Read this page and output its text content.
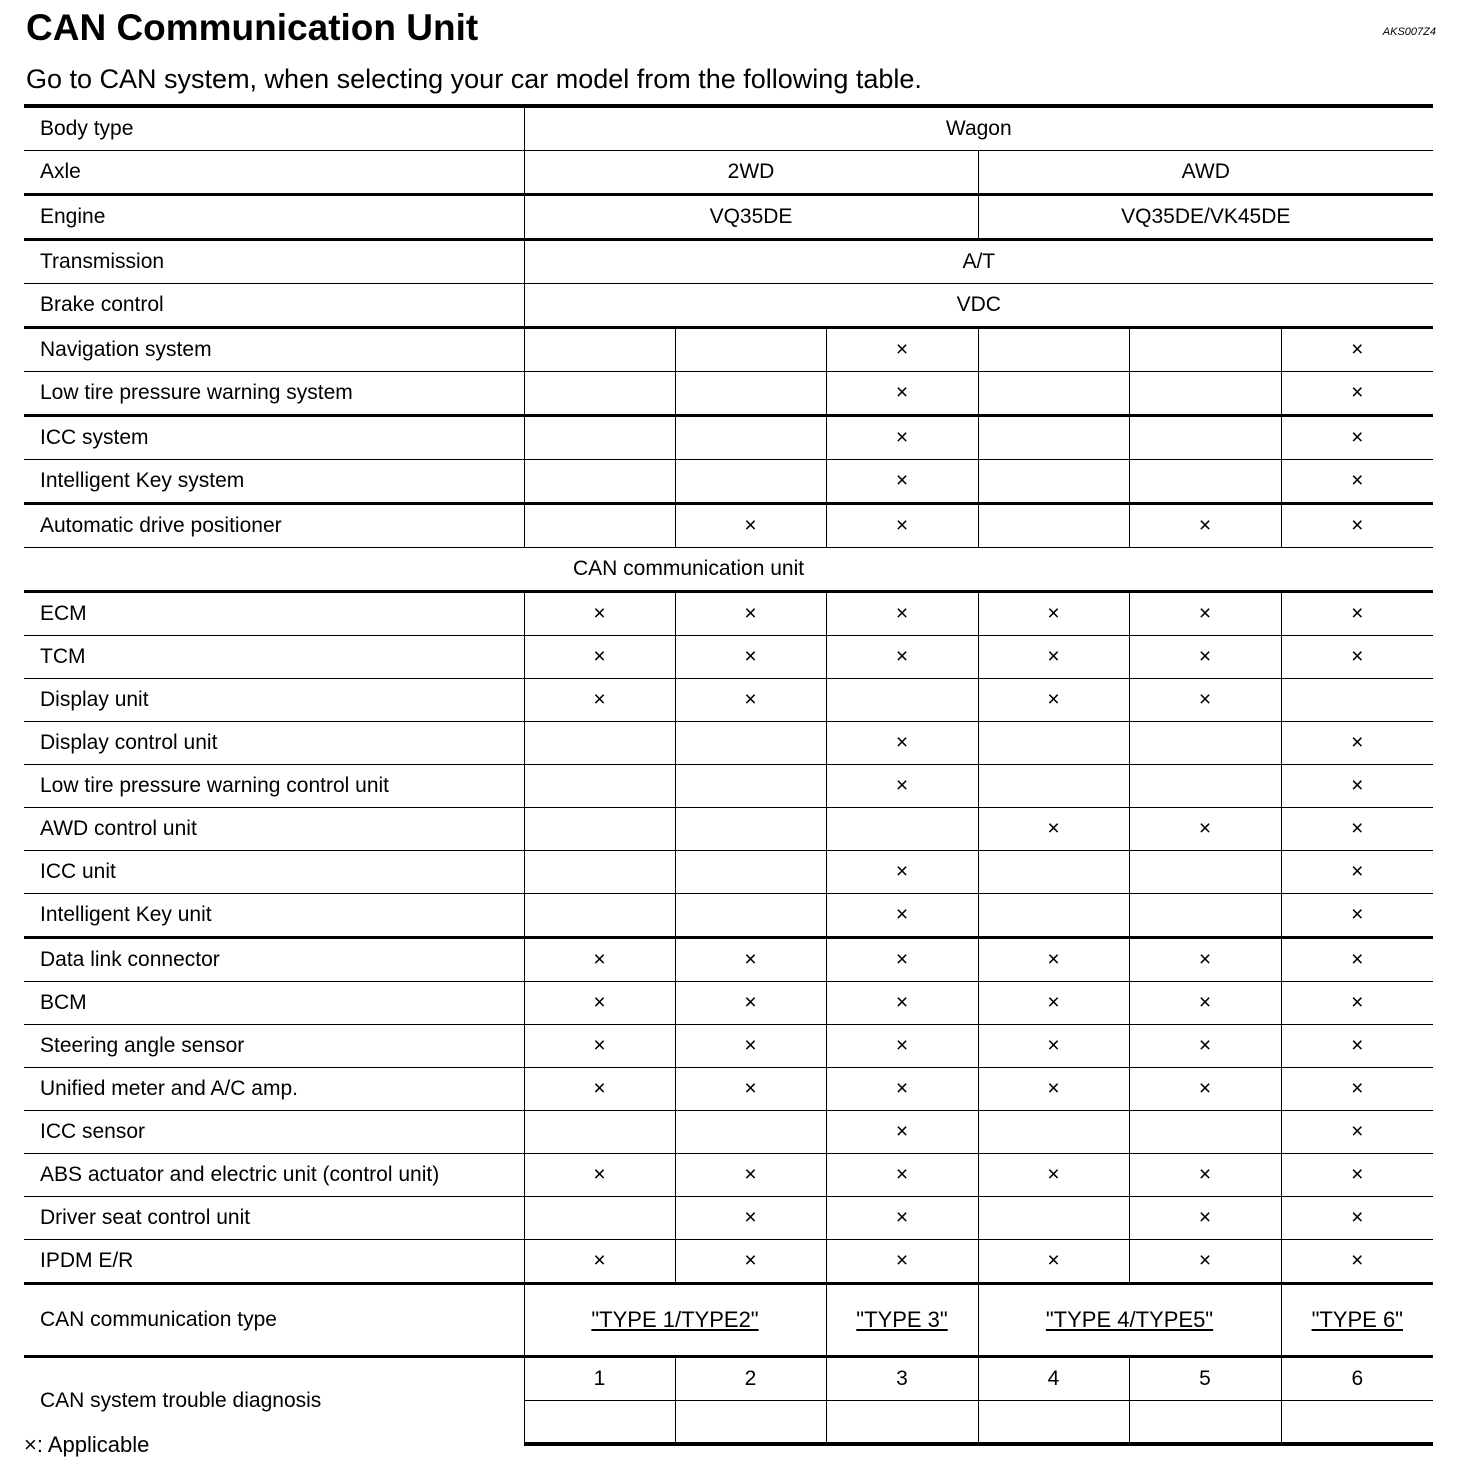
CAN Communication Unit	AKS007Z4

Go to CAN system, when selecting your car model from the following table.

Body type	Wagon					
Axle	2WD			AWD		
Engine	VQ35DE			VQ35DE/VK45DE		
Transmission	A/T					
Brake control	VDC					
Navigation system			×			×
Low tire pressure warning system			×			×
ICC system			×			×
Intelligent Key system			×			×
Automatic drive positioner		×	×		×	×
CAN communication unit						
ECM	×	×	×	×	×	×
TCM	×	×	×	×	×	×
Display unit	×	×		×	×	
Display control unit			×			×
Low tire pressure warning control unit			×			×
AWD control unit				×	×	×
ICC unit			×			×
Intelligent Key unit			×			×
Data link connector	×	×	×	×	×	×
BCM	×	×	×	×	×	×
Steering angle sensor	×	×	×	×	×	×
Unified meter and A/C amp.	×	×	×	×	×	×
ICC sensor			×			×
ABS actuator and electric unit (control unit)	×	×	×	×	×	×
Driver seat control unit		×	×		×	×
IPDM E/R	×	×	×	×	×	×
CAN communication type	"TYPE 1/TYPE2"		"TYPE 3"	"TYPE 4/TYPE5"		"TYPE 6"
CAN system trouble diagnosis	1	2	3	4	5	6

×: Applicable
